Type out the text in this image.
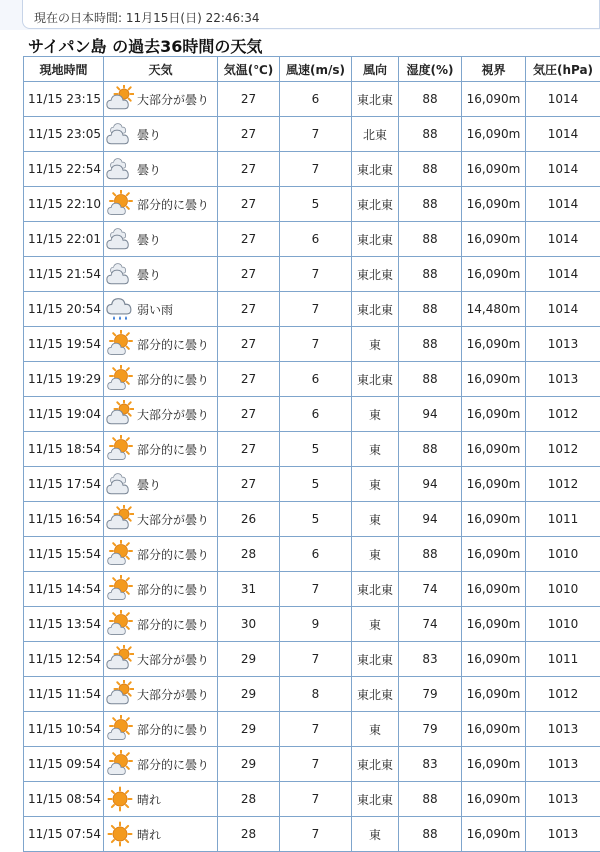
現在の日本時間: 11月15日(日) 22:46:34
サイパン島 の過去36時間の天気
現地時間	天気	気温(℃)	風速(m/s)	風向	湿度(%)	視界	気圧(hPa)
11/15 23:15	大部分が曇り	27	6	東北東	88	16,090m	1014
11/15 23:05	曇り	27	7	北東	88	16,090m	1014
11/15 22:54	曇り	27	7	東北東	88	16,090m	1014
11/15 22:10	部分的に曇り	27	5	東北東	88	16,090m	1014
11/15 22:01	曇り	27	6	東北東	88	16,090m	1014
11/15 21:54	曇り	27	7	東北東	88	16,090m	1014
11/15 20:54	弱い雨	27	7	東北東	88	14,480m	1014
11/15 19:54	部分的に曇り	27	7	東	88	16,090m	1013
11/15 19:29	部分的に曇り	27	6	東北東	88	16,090m	1013
11/15 19:04	大部分が曇り	27	6	東	94	16,090m	1012
11/15 18:54	部分的に曇り	27	5	東	88	16,090m	1012
11/15 17:54	曇り	27	5	東	94	16,090m	1012
11/15 16:54	大部分が曇り	26	5	東	94	16,090m	1011
11/15 15:54	部分的に曇り	28	6	東	88	16,090m	1010
11/15 14:54	部分的に曇り	31	7	東北東	74	16,090m	1010
11/15 13:54	部分的に曇り	30	9	東	74	16,090m	1010
11/15 12:54	大部分が曇り	29	7	東北東	83	16,090m	1011
11/15 11:54	大部分が曇り	29	8	東北東	79	16,090m	1012
11/15 10:54	部分的に曇り	29	7	東	79	16,090m	1013
11/15 09:54	部分的に曇り	29	7	東北東	83	16,090m	1013
11/15 08:54	晴れ	28	7	東北東	88	16,090m	1013
11/15 07:54	晴れ	28	7	東	88	16,090m	1013
